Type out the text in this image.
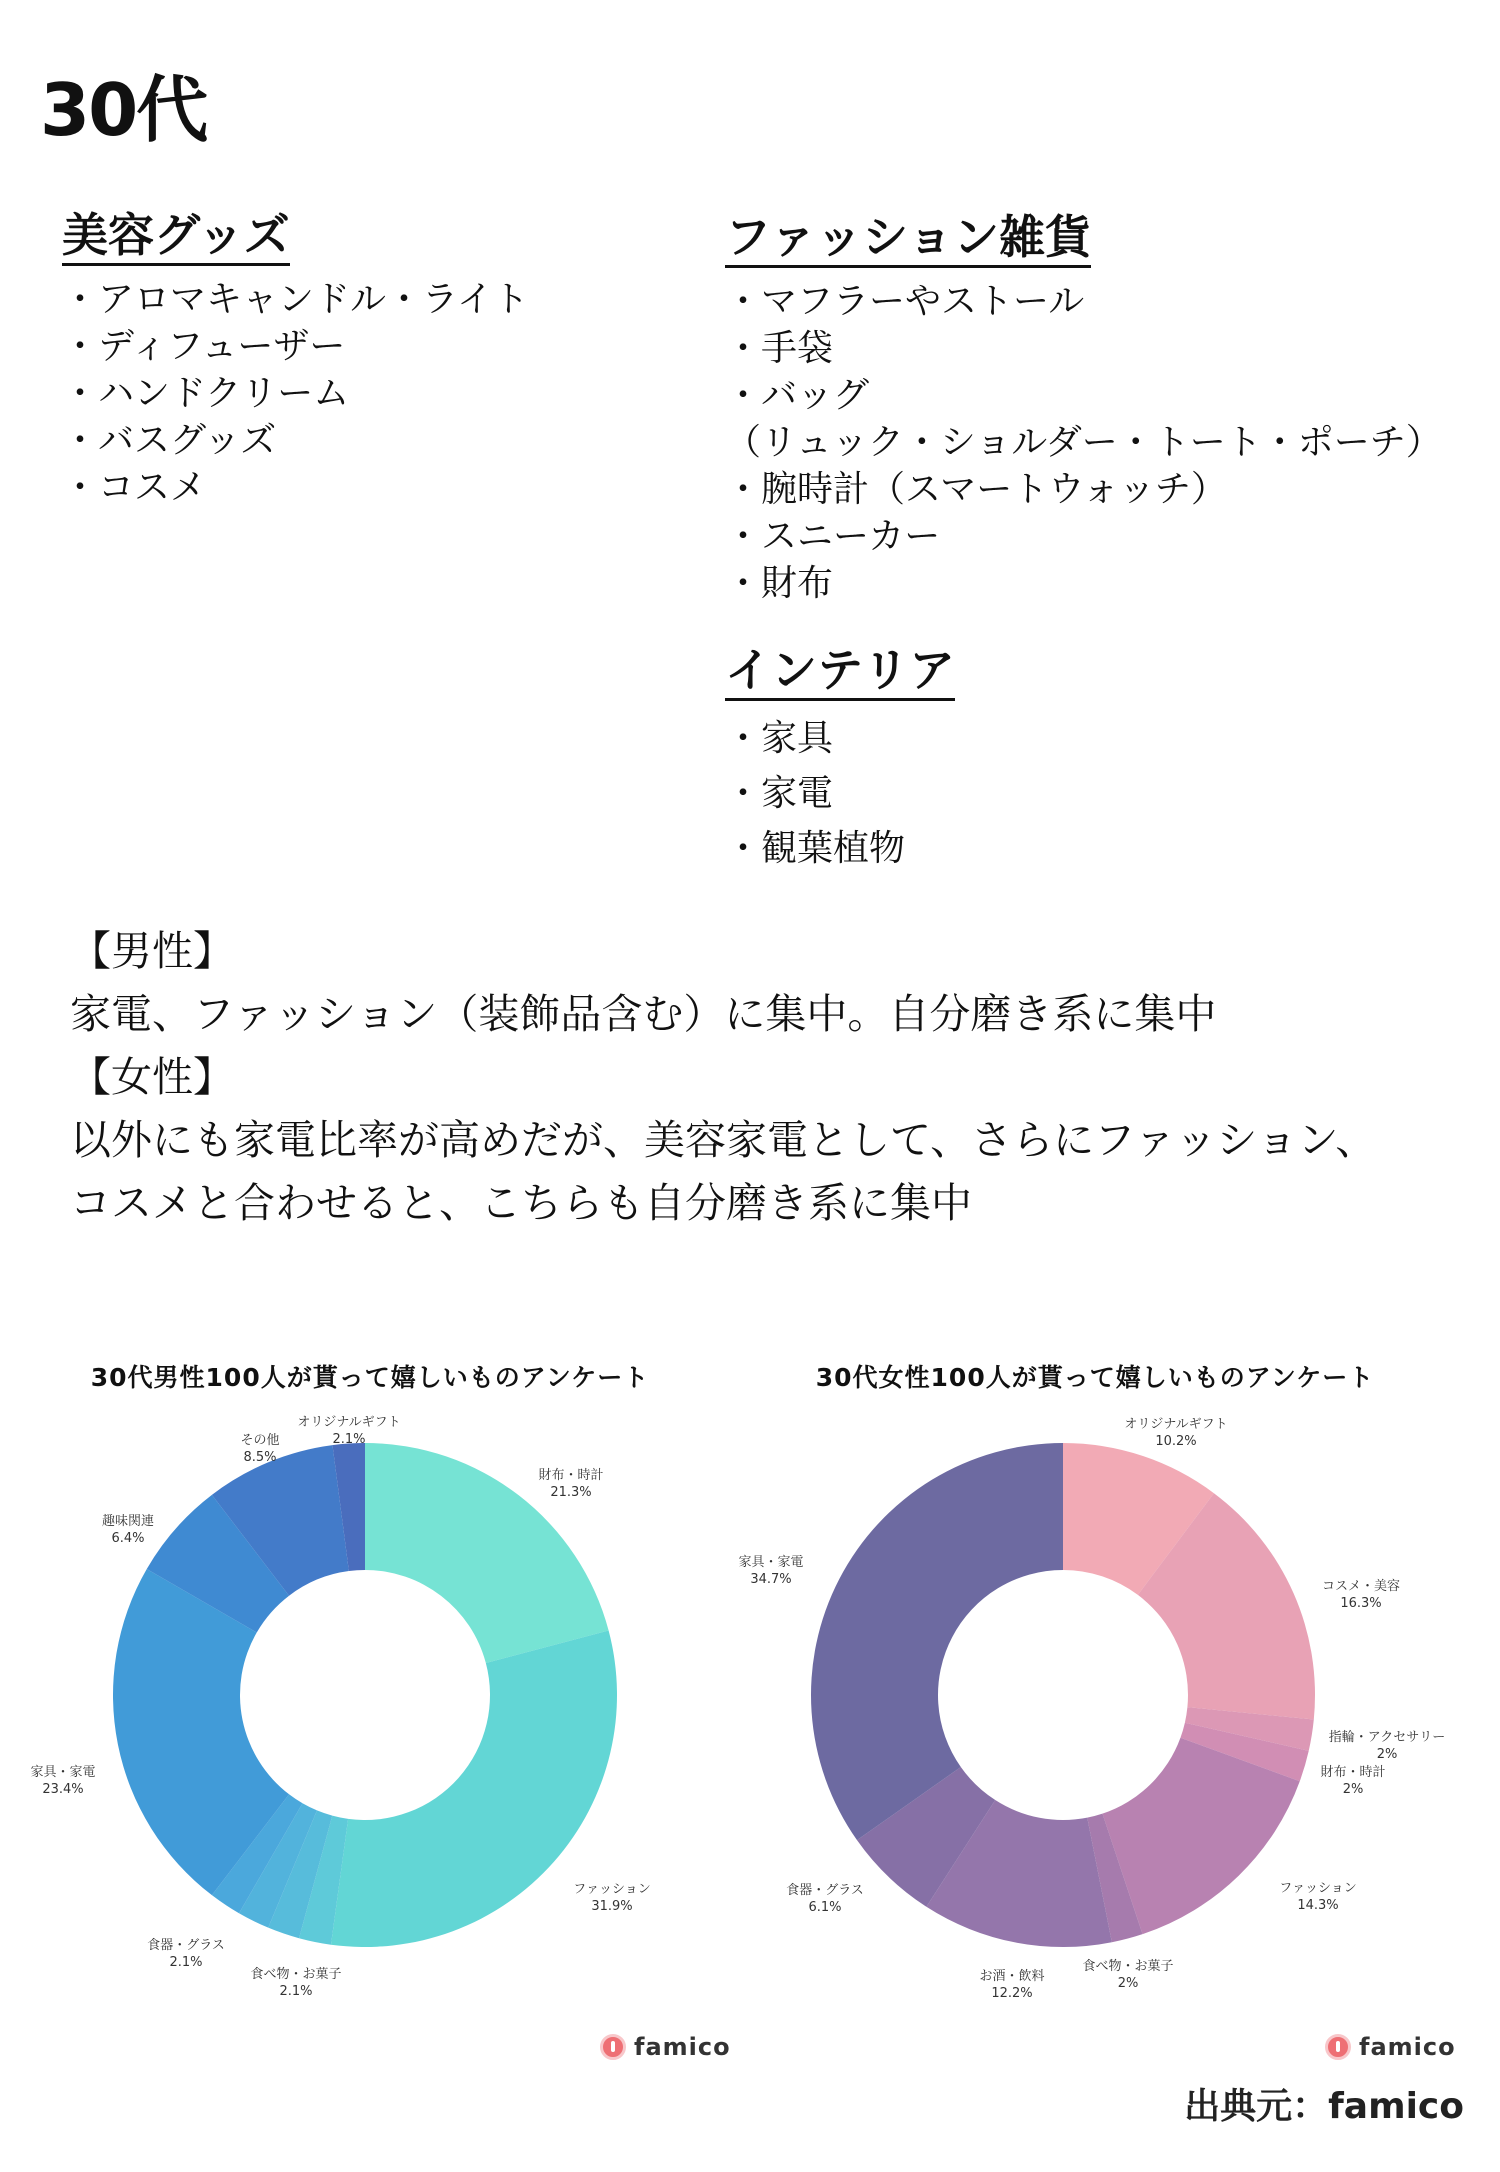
30代
美容グッズ
・アロマキャンドル・ライト
・ディフューザー
・ハンドクリーム
・バスグッズ
・コスメ
ファッション雑貨
・マフラーやストール
・手袋
・バッグ
（リュック・ショルダー・トート・ポーチ）
・腕時計（スマートウォッチ）
・スニーカー
・財布
インテリア
・家具
・家電
・観葉植物
【男性】
家電、ファッション（装飾品含む）に集中。自分磨き系に集中
【女性】
以外にも家電比率が高めだが、美容家電として、さらにファッション、
コスメと合わせると、こちらも自分磨き系に集中
30代男性100人が貰って嬉しいものアンケート
財布・時計
21.3%
ファッション
31.9%
食べ物・お菓子
2.1%
食器・グラス
2.1%
家具・家電
23.4%
趣味関連
6.4%
その他
8.5%
オリジナルギフト
2.1%
famico
30代女性100人が貰って嬉しいものアンケート
オリジナルギフト
10.2%
コスメ・美容
16.3%
指輪・アクセサリー
2%
財布・時計
2%
ファッション
14.3%
食べ物・お菓子
2%
お酒・飲料
12.2%
食器・グラス
6.1%
家具・家電
34.7%
famico
出典元：famico
